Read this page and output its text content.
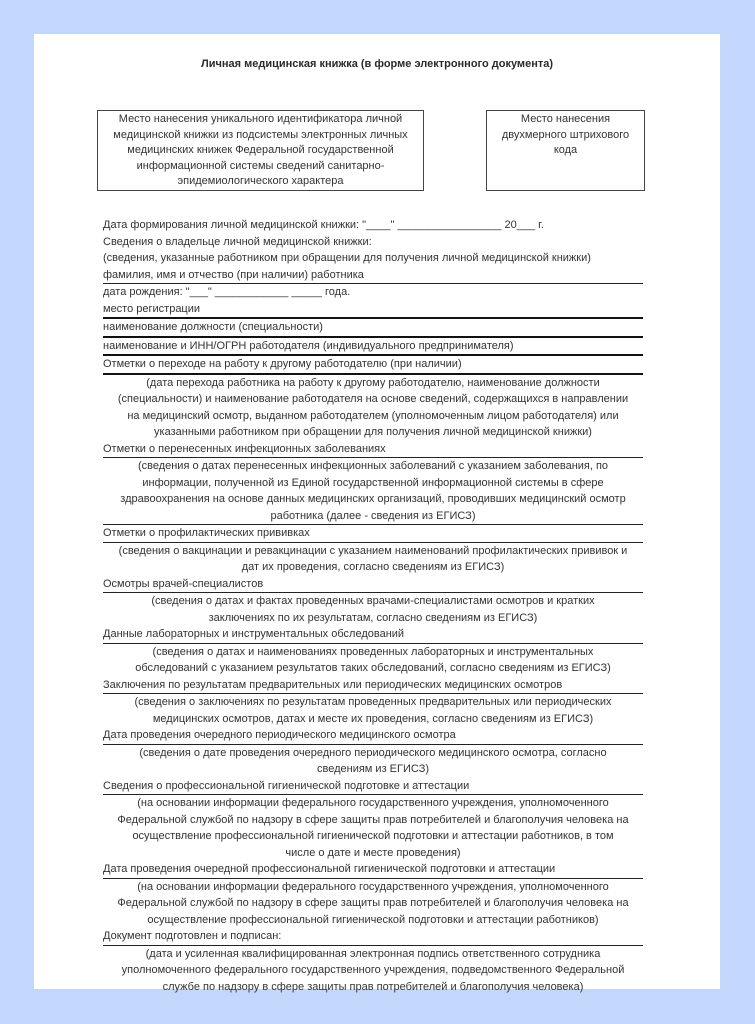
Личная медицинская книжка (в форме электронного документа)
Место нанесения уникального идентификатора личной
медицинской книжки из подсистемы электронных личных
медицинских книжек Федеральной государственной
информационной системы сведений санитарно-
эпидемиологического характера
Место нанесения
двухмерного штрихового
кода
Дата формирования личной медицинской книжки: "____" _________________ 20___ г.
Сведения о владельце личной медицинской книжки:
(сведения, указанные работником при обращении для получения личной медицинской книжки)
фамилия, имя и отчество (при наличии) работника
дата рождения: "___" ____________ _____ года.
место регистрации
наименование должности (специальности)
наименование и ИНН/ОГРН работодателя (индивидуального предпринимателя)
Отметки о переходе на работу к другому работодателю (при наличии)
(дата перехода работника на работу к другому работодателю, наименование должности
(специальности) и наименование работодателя на основе сведений, содержащихся в направлении
на медицинский осмотр, выданном работодателем (уполномоченным лицом работодателя) или
указанными работником при обращении для получения личной медицинской книжки)
Отметки о перенесенных инфекционных заболеваниях
(сведения о датах перенесенных инфекционных заболеваний с указанием заболевания, по
информации, полученной из Единой государственной информационной системы в сфере
здравоохранения на основе данных медицинских организаций, проводивших медицинский осмотр
работника (далее - сведения из ЕГИСЗ)
Отметки о профилактических прививках
(сведения о вакцинации и ревакцинации с указанием наименований профилактических прививок и
дат их проведения, согласно сведениям из ЕГИСЗ)
Осмотры врачей-специалистов
(сведения о датах и фактах проведенных врачами-специалистами осмотров и кратких
заключениях по их результатам, согласно сведениям из ЕГИСЗ)
Данные лабораторных и инструментальных обследований
(сведения о датах и наименованиях проведенных лабораторных и инструментальных
обследований с указанием результатов таких обследований, согласно сведениям из ЕГИСЗ)
Заключения по результатам предварительных или периодических медицинских осмотров
(сведения о заключениях по результатам проведенных предварительных или периодических
медицинских осмотров, датах и месте их проведения, согласно сведениям из ЕГИСЗ)
Дата проведения очередного периодического медицинского осмотра
(сведения о дате проведения очередного периодического медицинского осмотра, согласно
сведениям из ЕГИСЗ)
Сведения о профессиональной гигиенической подготовке и аттестации
(на основании информации федерального государственного учреждения, уполномоченного
Федеральной службой по надзору в сфере защиты прав потребителей и благополучия человека на
осуществление профессиональной гигиенической подготовки и аттестации работников, в том
числе о дате и месте проведения)
Дата проведения очередной профессиональной гигиенической подготовки и аттестации
(на основании информации федерального государственного учреждения, уполномоченного
Федеральной службой по надзору в сфере защиты прав потребителей и благополучия человека на
осуществление профессиональной гигиенической подготовки и аттестации работников)
Документ подготовлен и подписан:
(дата и усиленная квалифицированная электронная подпись ответственного сотрудника
уполномоченного федерального государственного учреждения, подведомственного Федеральной
службе по надзору в сфере защиты прав потребителей и благополучия человека)
